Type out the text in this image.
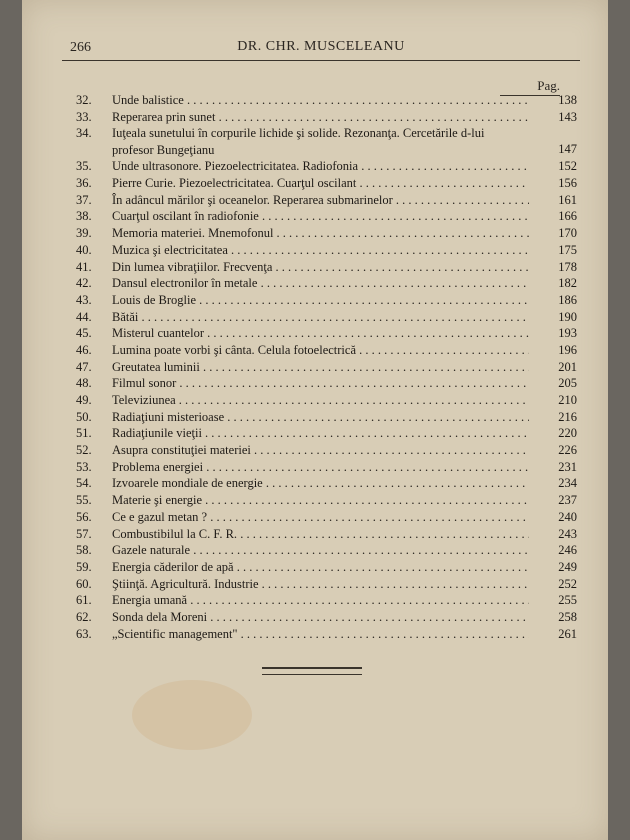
266	DR. CHR. MUSCELEANU
Pag.
32.	Unde balistice . . .	138
33.	Reperarea prin sunet . . .	143
34.	Iuţeala sunetului în corpurile lichide şi solide. Rezonanţa. Cercetările d-lui profesor Bungeţianu	147
35.	Unde ultrasonore. Piezoelectricitatea. Radiofonia . . .	152
36.	Pierre Curie. Piezoelectricitatea. Cuarţul oscilant . . .	156
37.	În adâncul mărilor şi oceanelor. Reperarea submarinelor . . .	161
38.	Cuarţul oscilant în radiofonie . . .	166
39.	Memoria materiei. Mnemofonul . . .	170
40.	Muzica şi electricitatea . . .	175
41.	Din lumea vibraţiilor. Frecvenţa . . .	178
42.	Dansul electronilor în metale . . .	182
43.	Louis de Broglie . . .	186
44.	Bătăi . . .	190
45.	Misterul cuantelor . . .	193
46.	Lumina poate vorbi şi cânta. Celula fotoelectrică . . .	196
47.	Greutatea luminii . . .	201
48.	Filmul sonor . . .	205
49.	Televiziunea . . .	210
50.	Radiaţiuni misterioase . . .	216
51.	Radiaţiunile vieţii . . .	220
52.	Asupra constituţiei materiei . . .	226
53.	Problema energiei . . .	231
54.	Izvoarele mondiale de energie . . .	234
55.	Materie şi energie . . .	237
56.	Ce e gazul metan ? . . .	240
57.	Combustibilul la C. F. R. . . .	243
58.	Gazele naturale . . .	246
59.	Energia căderilor de apă . . .	249
60.	Ştiinţă. Agricultură. Industrie . . .	252
61.	Energia umană . . .	255
62.	Sonda dela Moreni . . .	258
63.	„Scientific management" . . .	261
